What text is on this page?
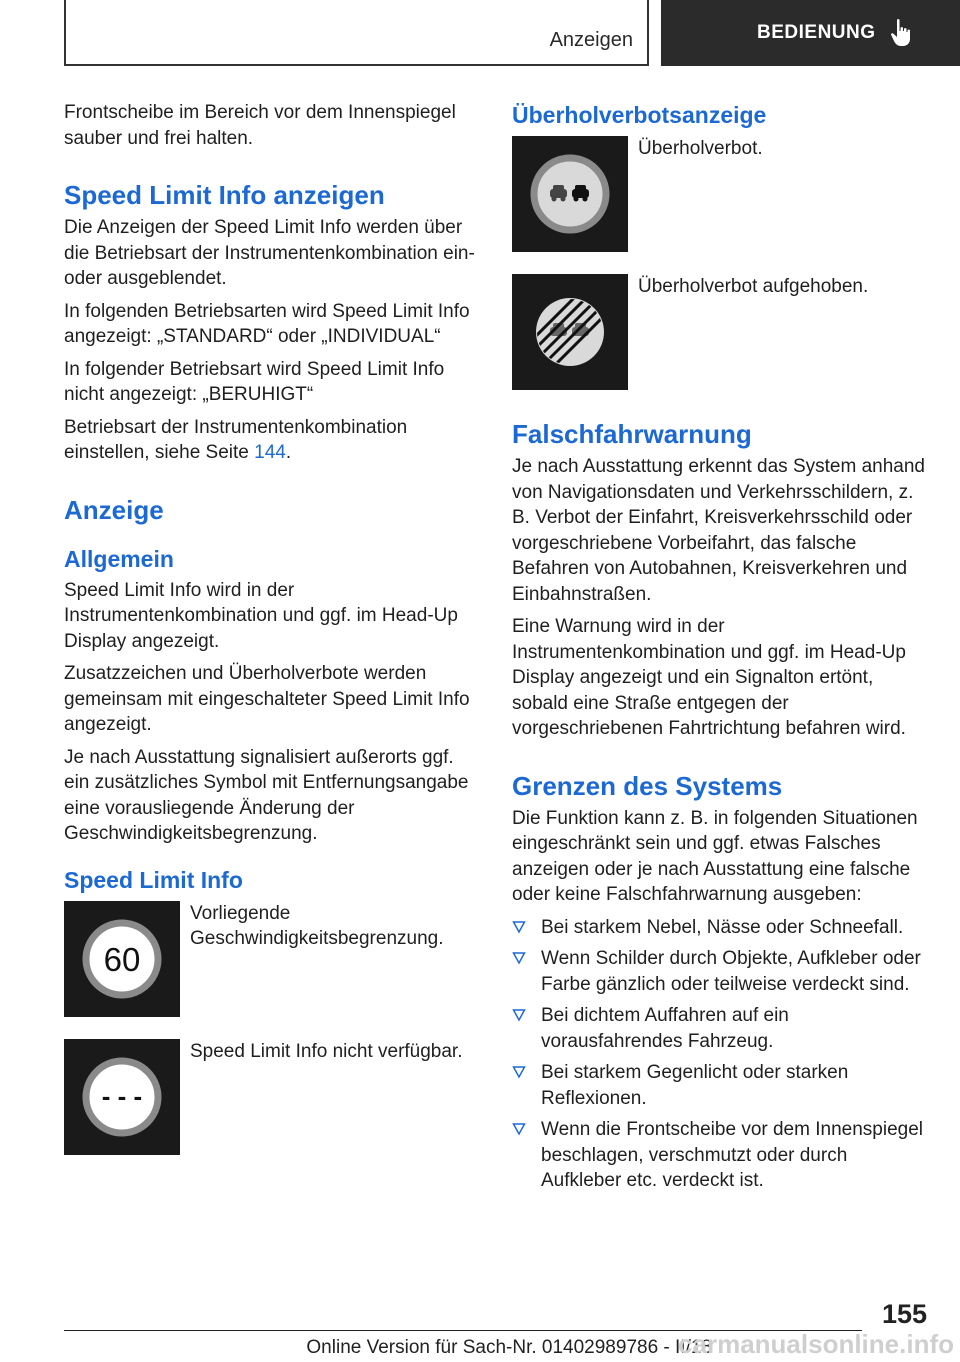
Anzeigen	BEDIENUNG

Frontscheibe im Bereich vor dem Innenspiegel sauber und frei halten.

Speed Limit Info anzeigen

Die Anzeigen der Speed Limit Info werden über die Betriebsart der Instrumentenkombination ein- oder ausgeblendet.

In folgenden Betriebsarten wird Speed Limit Info angezeigt: „STANDARD“ oder „INDIVIDUAL“

In folgender Betriebsart wird Speed Limit Info nicht angezeigt: „BERUHIGT“

Betriebsart der Instrumentenkombination einstellen, siehe Seite 144.

Anzeige
Allgemein

Speed Limit Info wird in der Instrumentenkombination und ggf. im Head-Up Display angezeigt.

Zusatzzeichen und Überholverbote werden gemeinsam mit eingeschalteter Speed Limit Info angezeigt.

Je nach Ausstattung signalisiert außerorts ggf. ein zusätzliches Symbol mit Entfernungsangabe eine vorausliegende Änderung der Geschwindigkeitsbegrenzung.

Speed Limit Info
60
Vorliegende Geschwindigkeitsbegrenzung.
- - -
Speed Limit Info nicht verfügbar.
Überholverbotsanzeige
Überholverbot.
Überholverbot aufgehoben.
Falschfahrwarnung

Je nach Ausstattung erkennt das System anhand von Navigationsdaten und Verkehrsschildern, z. B. Verbot der Einfahrt, Kreisverkehrsschild oder vorgeschriebene Vorbeifahrt, das falsche Befahren von Autobahnen, Kreisverkehren und Einbahnstraßen.

Eine Warnung wird in der Instrumentenkombination und ggf. im Head-Up Display angezeigt und ein Signalton ertönt, sobald eine Straße entgegen der vorgeschriebenen Fahrtrichtung befahren wird.

Grenzen des Systems

Die Funktion kann z. B. in folgenden Situationen eingeschränkt sein und ggf. etwas Falsches anzeigen oder je nach Ausstattung eine falsche oder keine Falschfahrwarnung ausgeben:

Bei starkem Nebel, Nässe oder Schneefall.
Wenn Schilder durch Objekte, Aufkleber oder Farbe gänzlich oder teilweise verdeckt sind.
Bei dichtem Auffahren auf ein vorausfahrendes Fahrzeug.
Bei starkem Gegenlicht oder starken Reflexionen.
Wenn die Frontscheibe vor dem Innenspiegel beschlagen, verschmutzt oder durch Aufkleber etc. verdeckt ist.
155
Online Version für Sach-Nr. 01402989786 - II/18
carmanualsonline.info
